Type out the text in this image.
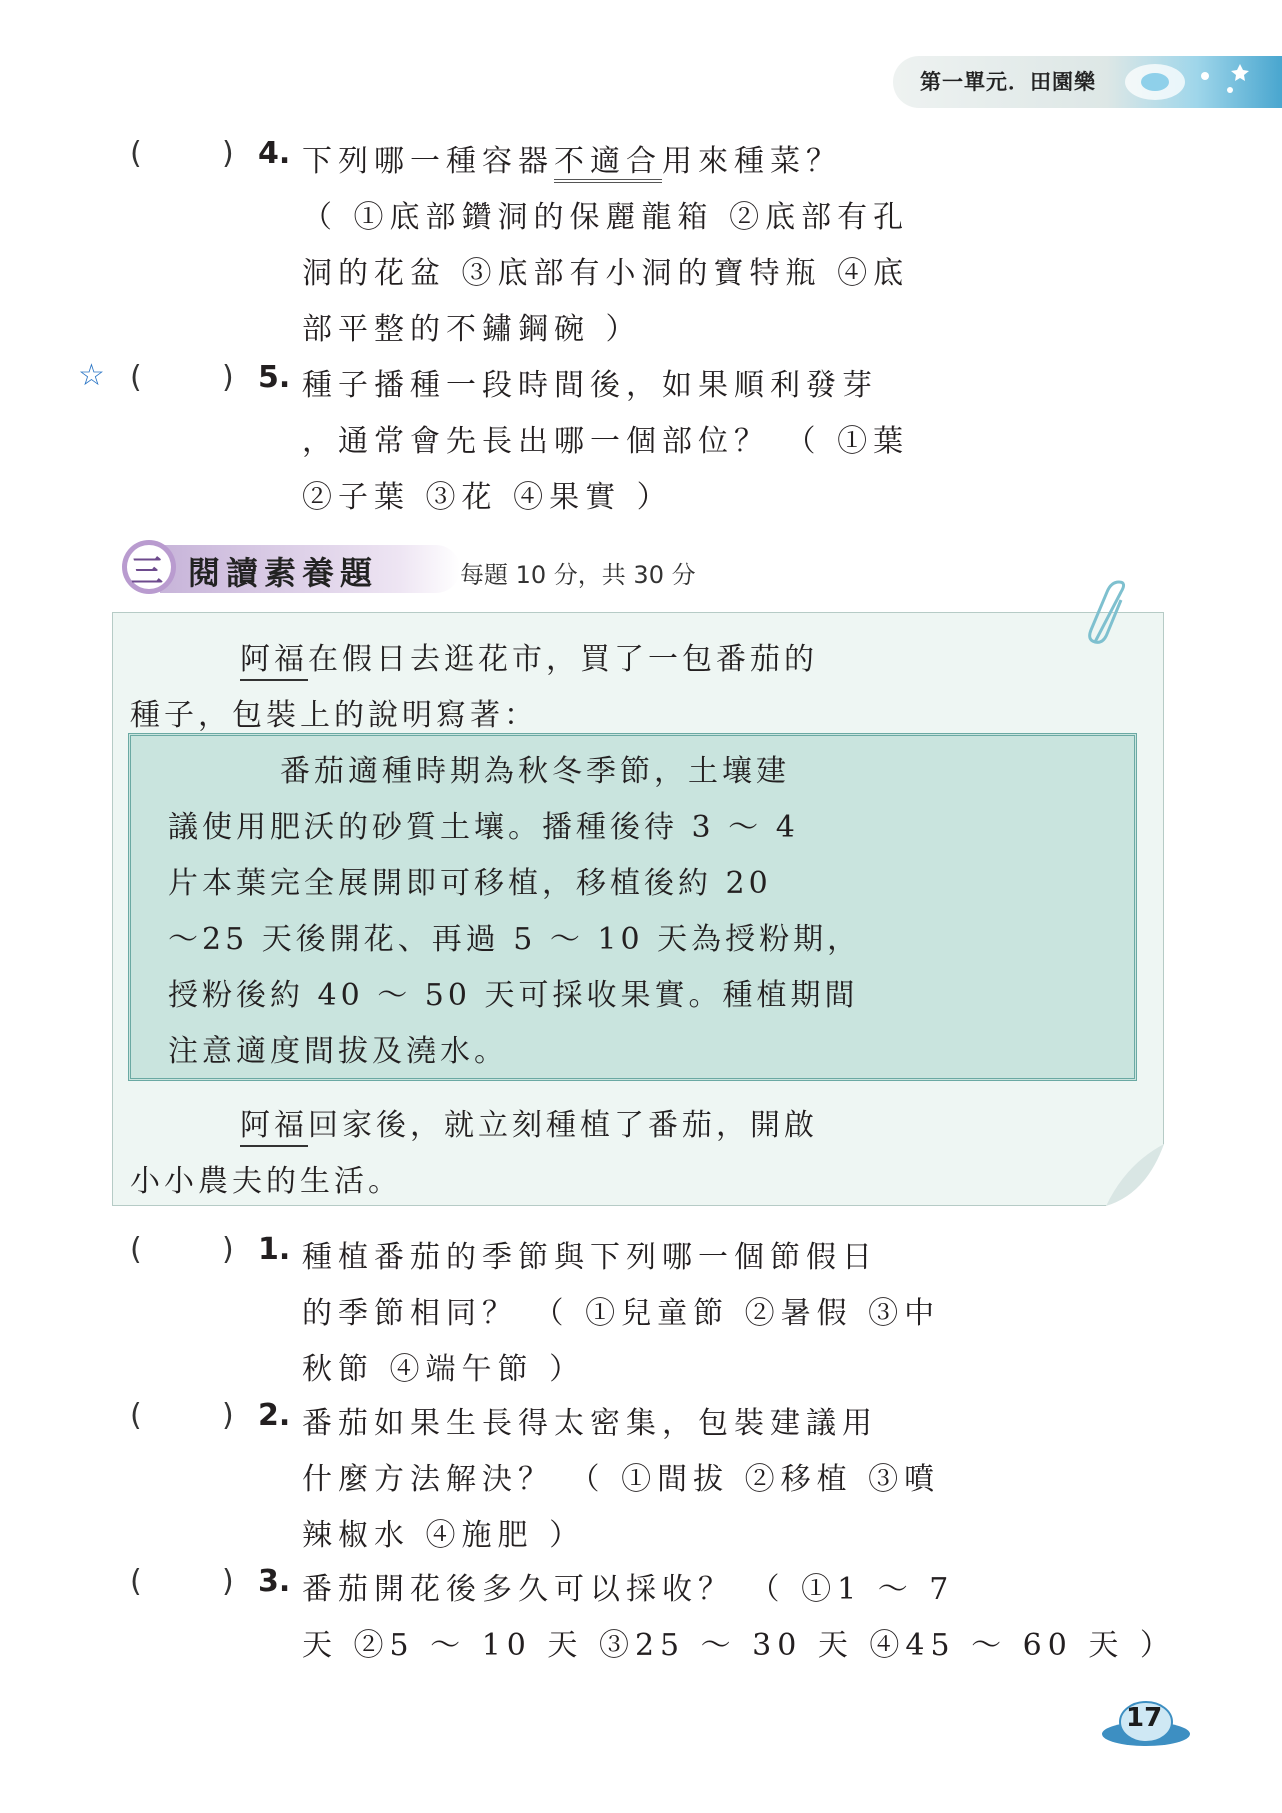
第一單元．田園樂
(	) 4. 下列哪一種容器不適合用來種菜？
（ ①底部鑽洞的保麗龍箱 ②底部有孔
洞的花盆 ③底部有小洞的寶特瓶 ④底
部平整的不鏽鋼碗 ）
☆ (	) 5. 種子播種一段時間後，如果順利發芽
，通常會先長出哪一個部位？ （ ①葉
②子葉 ③花 ④果實 ）
三 閱讀素養題	每題 10 分，共 30 分
阿福在假日去逛花市，買了一包番茄的
種子，包裝上的說明寫著：
番茄適種時期為秋冬季節，土壤建
議使用肥沃的砂質土壤。播種後待 3 ～ 4
片本葉完全展開即可移植，移植後約 20
～25 天後開花、再過 5 ～ 10 天為授粉期，
授粉後約 40 ～ 50 天可採收果實。種植期間
注意適度間拔及澆水。
阿福回家後，就立刻種植了番茄，開啟
小小農夫的生活。
(	) 1. 種植番茄的季節與下列哪一個節假日
的季節相同？ （ ①兒童節 ②暑假 ③中
秋節 ④端午節 ）
(	) 2. 番茄如果生長得太密集，包裝建議用
什麼方法解決？ （ ①間拔 ②移植 ③噴
辣椒水 ④施肥 ）
(	) 3. 番茄開花後多久可以採收？ （ ①1 ～ 7
天 ②5 ～ 10 天 ③25 ～ 30 天 ④45 ～ 60 天 ）
17
